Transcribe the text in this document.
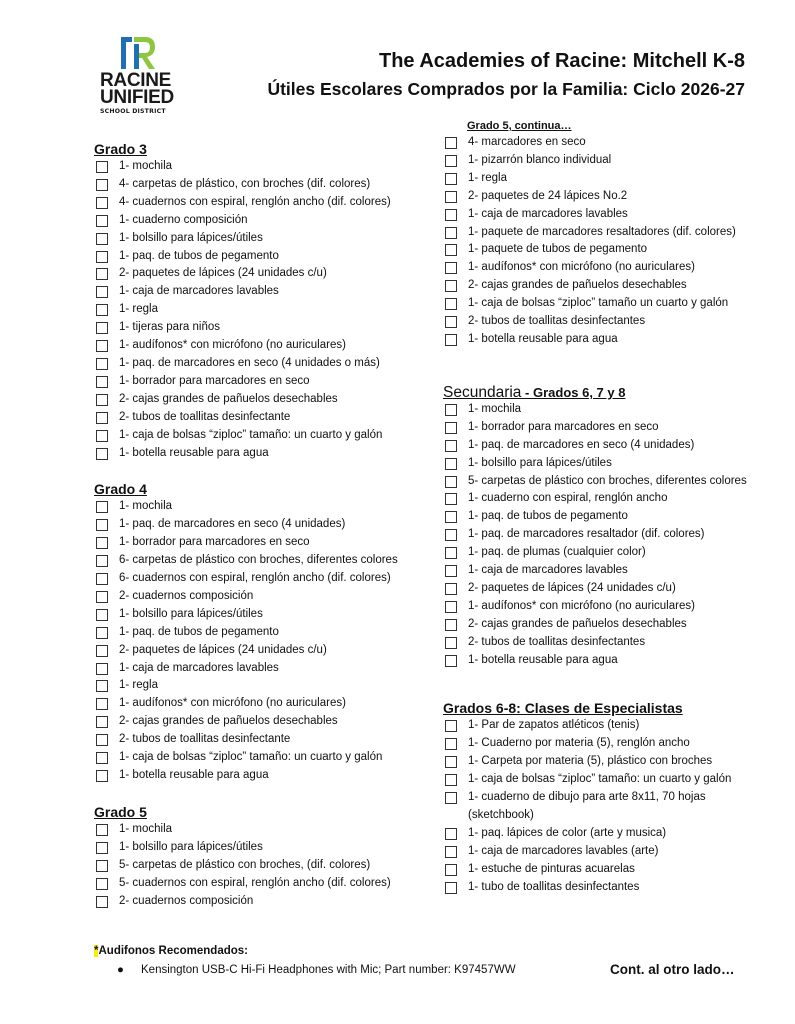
RACINE
UNIFIED
SCHOOL DISTRICT
The Academies of Racine: Mitchell K-8
Útiles Escolares Comprados por la Familia: Ciclo 2026-27
Grado 3
1- mochila
4- carpetas de plástico, con broches (dif. colores)
4- cuadernos con espiral, renglón ancho (dif. colores)
1- cuaderno composición
1- bolsillo para lápices/útiles
1- paq. de tubos de pegamento
2- paquetes de lápices (24 unidades c/u)
1- caja de marcadores lavables
1- regla
1- tijeras para niños
1- audífonos* con micrófono (no auriculares)
1- paq. de marcadores en seco (4 unidades o más)
1- borrador para marcadores en seco
2- cajas grandes de pañuelos desechables
2- tubos de toallitas desinfectante
1- caja de bolsas “ziploc” tamaño: un cuarto y galón
1- botella reusable para agua
Grado 4
1- mochila
1- paq. de marcadores en seco (4 unidades)
1- borrador para marcadores en seco
6- carpetas de plástico con broches, diferentes colores
6- cuadernos con espiral, renglón ancho (dif. colores)
2- cuadernos composición
1- bolsillo para lápices/útiles
1- paq. de tubos de pegamento
2- paquetes de lápices (24 unidades c/u)
1- caja de marcadores lavables
1- regla
1- audífonos* con micrófono (no auriculares)
2- cajas grandes de pañuelos desechables
2- tubos de toallitas desinfectante
1- caja de bolsas “ziploc” tamaño: un cuarto y galón
1- botella reusable para agua
Grado 5
1- mochila
1- bolsillo para lápices/útiles
5- carpetas de plástico con broches, (dif. colores)
5- cuadernos con espiral, renglón ancho (dif. colores)
2- cuadernos composición
Grado 5, continua…
4- marcadores en seco
1- pizarrón blanco individual
1- regla
2- paquetes de 24 lápices No.2
1- caja de marcadores lavables
1- paquete de marcadores resaltadores (dif. colores)
1- paquete de tubos de pegamento
1- audífonos* con micrófono (no auriculares)
2- cajas grandes de pañuelos desechables
1- caja de bolsas “ziploc” tamaño un cuarto y galón
2- tubos de toallitas desinfectantes
1- botella reusable para agua
Secundaria - Grados 6, 7 y 8
1- mochila
1- borrador para marcadores en seco
1- paq. de marcadores en seco (4 unidades)
1- bolsillo para lápices/útiles
5- carpetas de plástico con broches, diferentes colores
1- cuaderno con espiral, renglón ancho
1- paq. de tubos de pegamento
1- paq. de marcadores resaltador (dif. colores)
1- paq. de plumas (cualquier color)
1- caja de marcadores lavables
2- paquetes de lápices (24 unidades c/u)
1- audífonos* con micrófono (no auriculares)
2- cajas grandes de pañuelos desechables
2- tubos de toallitas desinfectantes
1- botella reusable para agua
Grados 6-8: Clases de Especialistas
1- Par de zapatos atléticos (tenis)
1- Cuaderno por materia (5), renglón ancho
1- Carpeta por materia (5), plástico con broches
1- caja de bolsas “ziploc” tamaño: un cuarto y galón
1- cuaderno de dibujo para arte 8x11, 70 hojas (sketchbook)
1- paq. lápices de color (arte y musica)
1- caja de marcadores lavables (arte)
1- estuche de pinturas acuarelas
1- tubo de toallitas desinfectantes
*Audifonos Recomendados:
● Kensington USB-C Hi-Fi Headphones with Mic; Part number: K97457WW	Cont. al otro lado…
